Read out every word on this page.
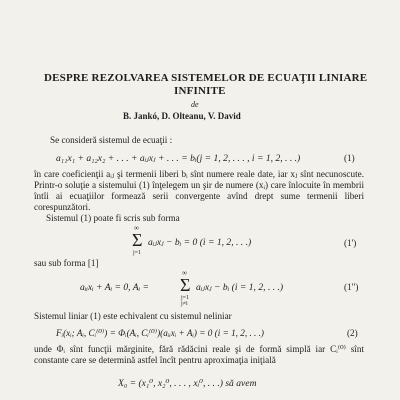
DESPRE REZOLVAREA SISTEMELOR DE ECUAŢII LINIARE
INFINITE
de
B. Jankó, D. Olteanu, V. David
Se consideră sistemul de ecuaţii :
a₁₁x₁ + a₁₂x₂ + . . . + aᵢⱼxⱼ + . . . = bᵢ(j = 1, 2, . . . , i = 1, 2, . . .)	(1)
în care coeficienţii aᵢⱼ şi termenii liberi bᵢ sînt numere reale date, iar xⱼ sînt necunoscute. Printr-o soluţie a sistemului (1) înţelegem un şir de numere (xᵢ) care înlocuite în membrii întîi ai ecuaţiilor formează serii convergente avînd drept sume termenii liberi corespunzători.
Sistemul (1) poate fi scris sub forma
∞
Σ
j=1
aᵢⱼxⱼ − bᵢ = 0 (i = 1, 2, . . .)	(1')
sau sub forma [1]
aᵢᵢxᵢ + Aᵢ = 0, Aᵢ =
∞
Σ
j=1
j≠i
aᵢⱼxⱼ − bᵢ (i = 1, 2, . . .)	(1")
Sistemul liniar (1) este echivalent cu sistemul neliniar
Fᵢ(xᵢ; Aᵢ, Cᵢ⁽⁰⁾) = Φᵢ(Aᵢ, Cᵢ⁽⁰⁾)(aᵢᵢxᵢ + Aᵢ) = 0 (i = 1, 2, . . .)	(2)
unde Φᵢ sînt funcţii mărginite, fără rădăcini reale şi de formă simplă iar Cᵢ⁽⁰⁾ sînt constante care se determină astfel încît pentru aproximaţia iniţială
X₀ = (x₁⁰, x₂⁰, . . . , xᵢ⁰, . . .) să avem
